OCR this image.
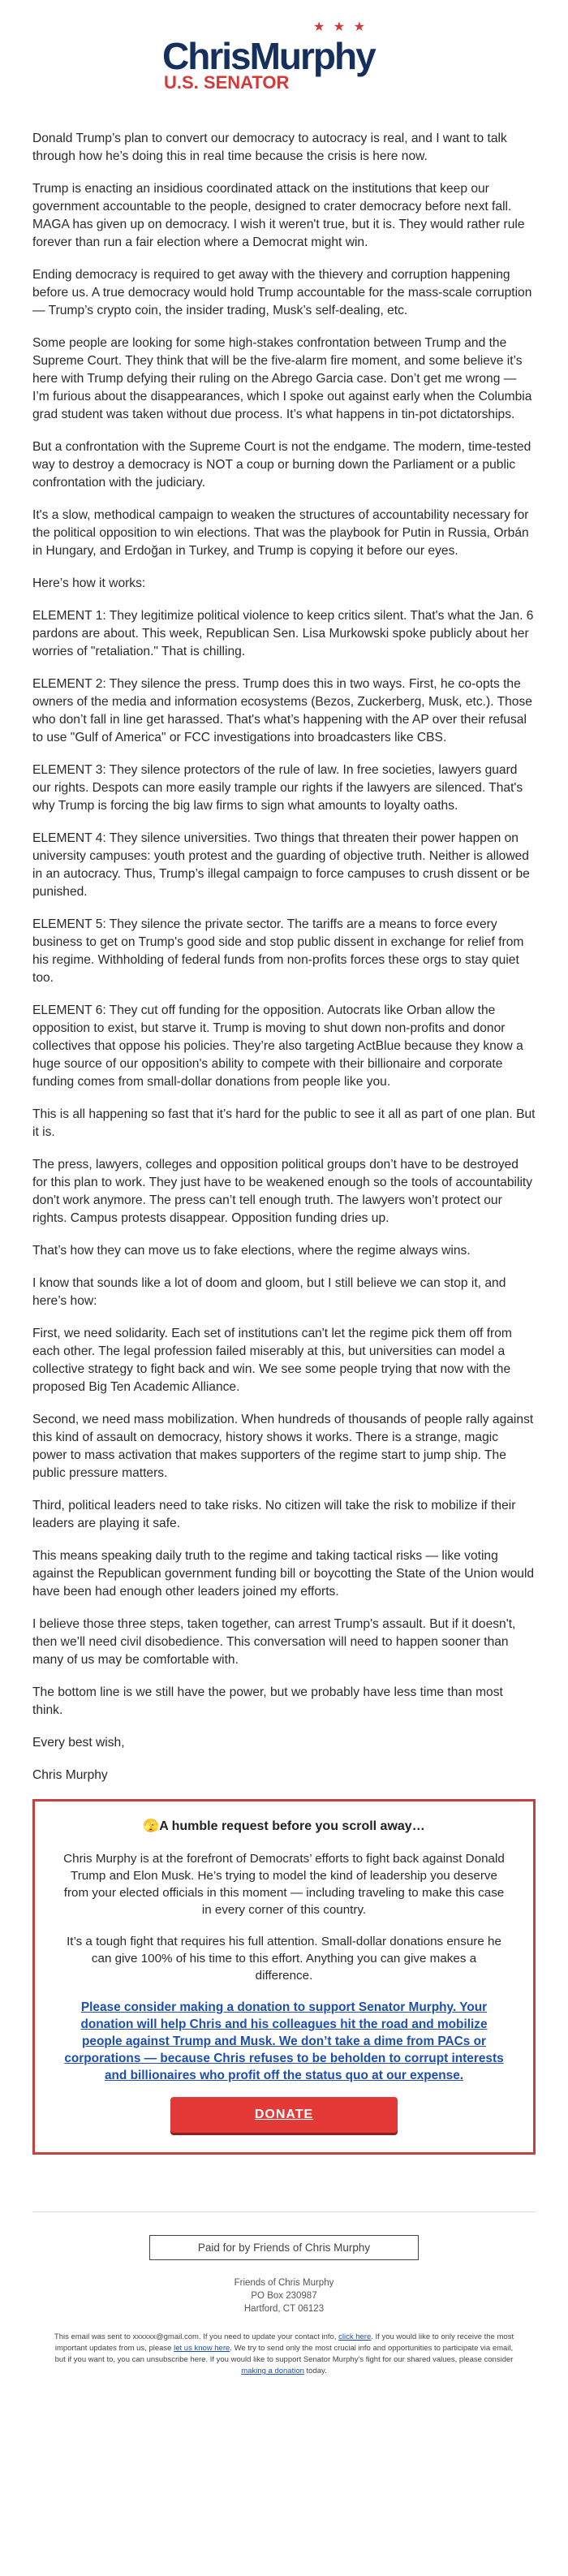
★ ★ ★
ChrisMurphy
U.S. SENATOR

Donald Trump’s plan to convert our democracy to autocracy is real, and I want to talk through how he’s doing this in real time because the crisis is here now.

Trump is enacting an insidious coordinated attack on the institutions that keep our government accountable to the people, designed to crater democracy before next fall. MAGA has given up on democracy. I wish it weren't true, but it is. They would rather rule forever than run a fair election where a Democrat might win.

Ending democracy is required to get away with the thievery and corruption happening before us. A true democracy would hold Trump accountable for the mass-scale corruption — Trump’s crypto coin, the insider trading, Musk’s self-dealing, etc.

Some people are looking for some high-stakes confrontation between Trump and the Supreme Court. They think that will be the five-alarm fire moment, and some believe it’s here with Trump defying their ruling on the Abrego Garcia case. Don’t get me wrong — I’m furious about the disappearances, which I spoke out against early when the Columbia grad student was taken without due process. It’s what happens in tin-pot dictatorships.

But a confrontation with the Supreme Court is not the endgame. The modern, time-tested way to destroy a democracy is NOT a coup or burning down the Parliament or a public confrontation with the judiciary.

It's a slow, methodical campaign to weaken the structures of accountability necessary for the political opposition to win elections. That was the playbook for Putin in Russia, Orbán in Hungary, and Erdoğan in Turkey, and Trump is copying it before our eyes.

Here’s how it works:

ELEMENT 1: They legitimize political violence to keep critics silent. That's what the Jan. 6 pardons are about. This week, Republican Sen. Lisa Murkowski spoke publicly about her worries of "retaliation." That is chilling.

ELEMENT 2: They silence the press. Trump does this in two ways. First, he co-opts the owners of the media and information ecosystems (Bezos, Zuckerberg, Musk, etc.). Those who don’t fall in line get harassed. That's what’s happening with the AP over their refusal to use "Gulf of America" or FCC investigations into broadcasters like CBS.

ELEMENT 3: They silence protectors of the rule of law. In free societies, lawyers guard our rights. Despots can more easily trample our rights if the lawyers are silenced. That's why Trump is forcing the big law firms to sign what amounts to loyalty oaths.

ELEMENT 4: They silence universities. Two things that threaten their power happen on university campuses: youth protest and the guarding of objective truth. Neither is allowed in an autocracy. Thus, Trump’s illegal campaign to force campuses to crush dissent or be punished.

ELEMENT 5: They silence the private sector. The tariffs are a means to force every business to get on Trump's good side and stop public dissent in exchange for relief from his regime. Withholding of federal funds from non-profits forces these orgs to stay quiet too.

ELEMENT 6: They cut off funding for the opposition. Autocrats like Orban allow the opposition to exist, but starve it. Trump is moving to shut down non-profits and donor collectives that oppose his policies. They’re also targeting ActBlue because they know a huge source of our opposition's ability to compete with their billionaire and corporate funding comes from small-dollar donations from people like you.

This is all happening so fast that it’s hard for the public to see it all as part of one plan. But it is.

The press, lawyers, colleges and opposition political groups don’t have to be destroyed for this plan to work. They just have to be weakened enough so the tools of accountability don't work anymore. The press can’t tell enough truth. The lawyers won’t protect our rights. Campus protests disappear. Opposition funding dries up.

That’s how they can move us to fake elections, where the regime always wins.

I know that sounds like a lot of doom and gloom, but I still believe we can stop it, and here’s how:

First, we need solidarity. Each set of institutions can't let the regime pick them off from each other. The legal profession failed miserably at this, but universities can model a collective strategy to fight back and win. We see some people trying that now with the proposed Big Ten Academic Alliance.

Second, we need mass mobilization. When hundreds of thousands of people rally against this kind of assault on democracy, history shows it works. There is a strange, magic power to mass activation that makes supporters of the regime start to jump ship. The public pressure matters.

Third, political leaders need to take risks. No citizen will take the risk to mobilize if their leaders are playing it safe.

This means speaking daily truth to the regime and taking tactical risks — like voting against the Republican government funding bill or boycotting the State of the Union would have been had enough other leaders joined my efforts.

I believe those three steps, taken together, can arrest Trump's assault. But if it doesn't, then we’ll need civil disobedience. This conversation will need to happen sooner than many of us may be comfortable with.

The bottom line is we still have the power, but we probably have less time than most think.

Every best wish,

Chris Murphy

🫣A humble request before you scroll away…

Chris Murphy is at the forefront of Democrats’ efforts to fight back against Donald Trump and Elon Musk. He’s trying to model the kind of leadership you deserve from your elected officials in this moment — including traveling to make this case in every corner of this country.

It’s a tough fight that requires his full attention. Small-dollar donations ensure he can give 100% of his time to this effort. Anything you can give makes a difference.

Please consider making a donation to support Senator Murphy. Your donation will help Chris and his colleagues hit the road and mobilize people against Trump and Musk. We don’t take a dime from PACs or corporations — because Chris refuses to be beholden to corrupt interests and billionaires who profit off the status quo at our expense.
DONATE
Paid for by Friends of Chris Murphy
Friends of Chris Murphy
PO Box 230987
Hartford, CT 06123
This email was sent to xxxxxx@gmail.com. If you need to update your contact info, click here. If you would like to only receive the most important updates from us, please let us know here. We try to send only the most crucial info and opportunities to participate via email, but if you want to, you can unsubscribe here. If you would like to support Senator Murphy’s fight for our shared values, please consider making a donation today.
